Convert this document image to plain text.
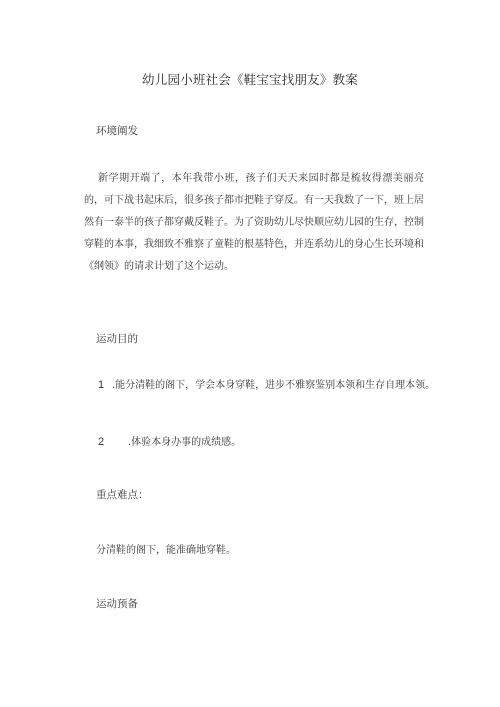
幼儿园小班社会《鞋宝宝找朋友》教案
环境阐发
新学期开端了，本年我带小班，孩子们天天来园时都是梳妆得漂美丽亮的，可下战书起床后，很多孩子都市把鞋子穿反。有一天我数了一下，班上居然有一泰半的孩子都穿戴反鞋子。为了资助幼儿尽快顺应幼儿园的生存，控制穿鞋的本事，我细致不雅察了童鞋的根基特色，并连系幼儿的身心生长环境和《纲领》的请求计划了这个运动。
运动目的
1 .能分清鞋的阁下，学会本身穿鞋，进步不雅察鉴别本领和生存自理本领。
2 .体验本身办事的成绩感。
重点难点：
分清鞋的阁下，能准确地穿鞋。
运动预备
